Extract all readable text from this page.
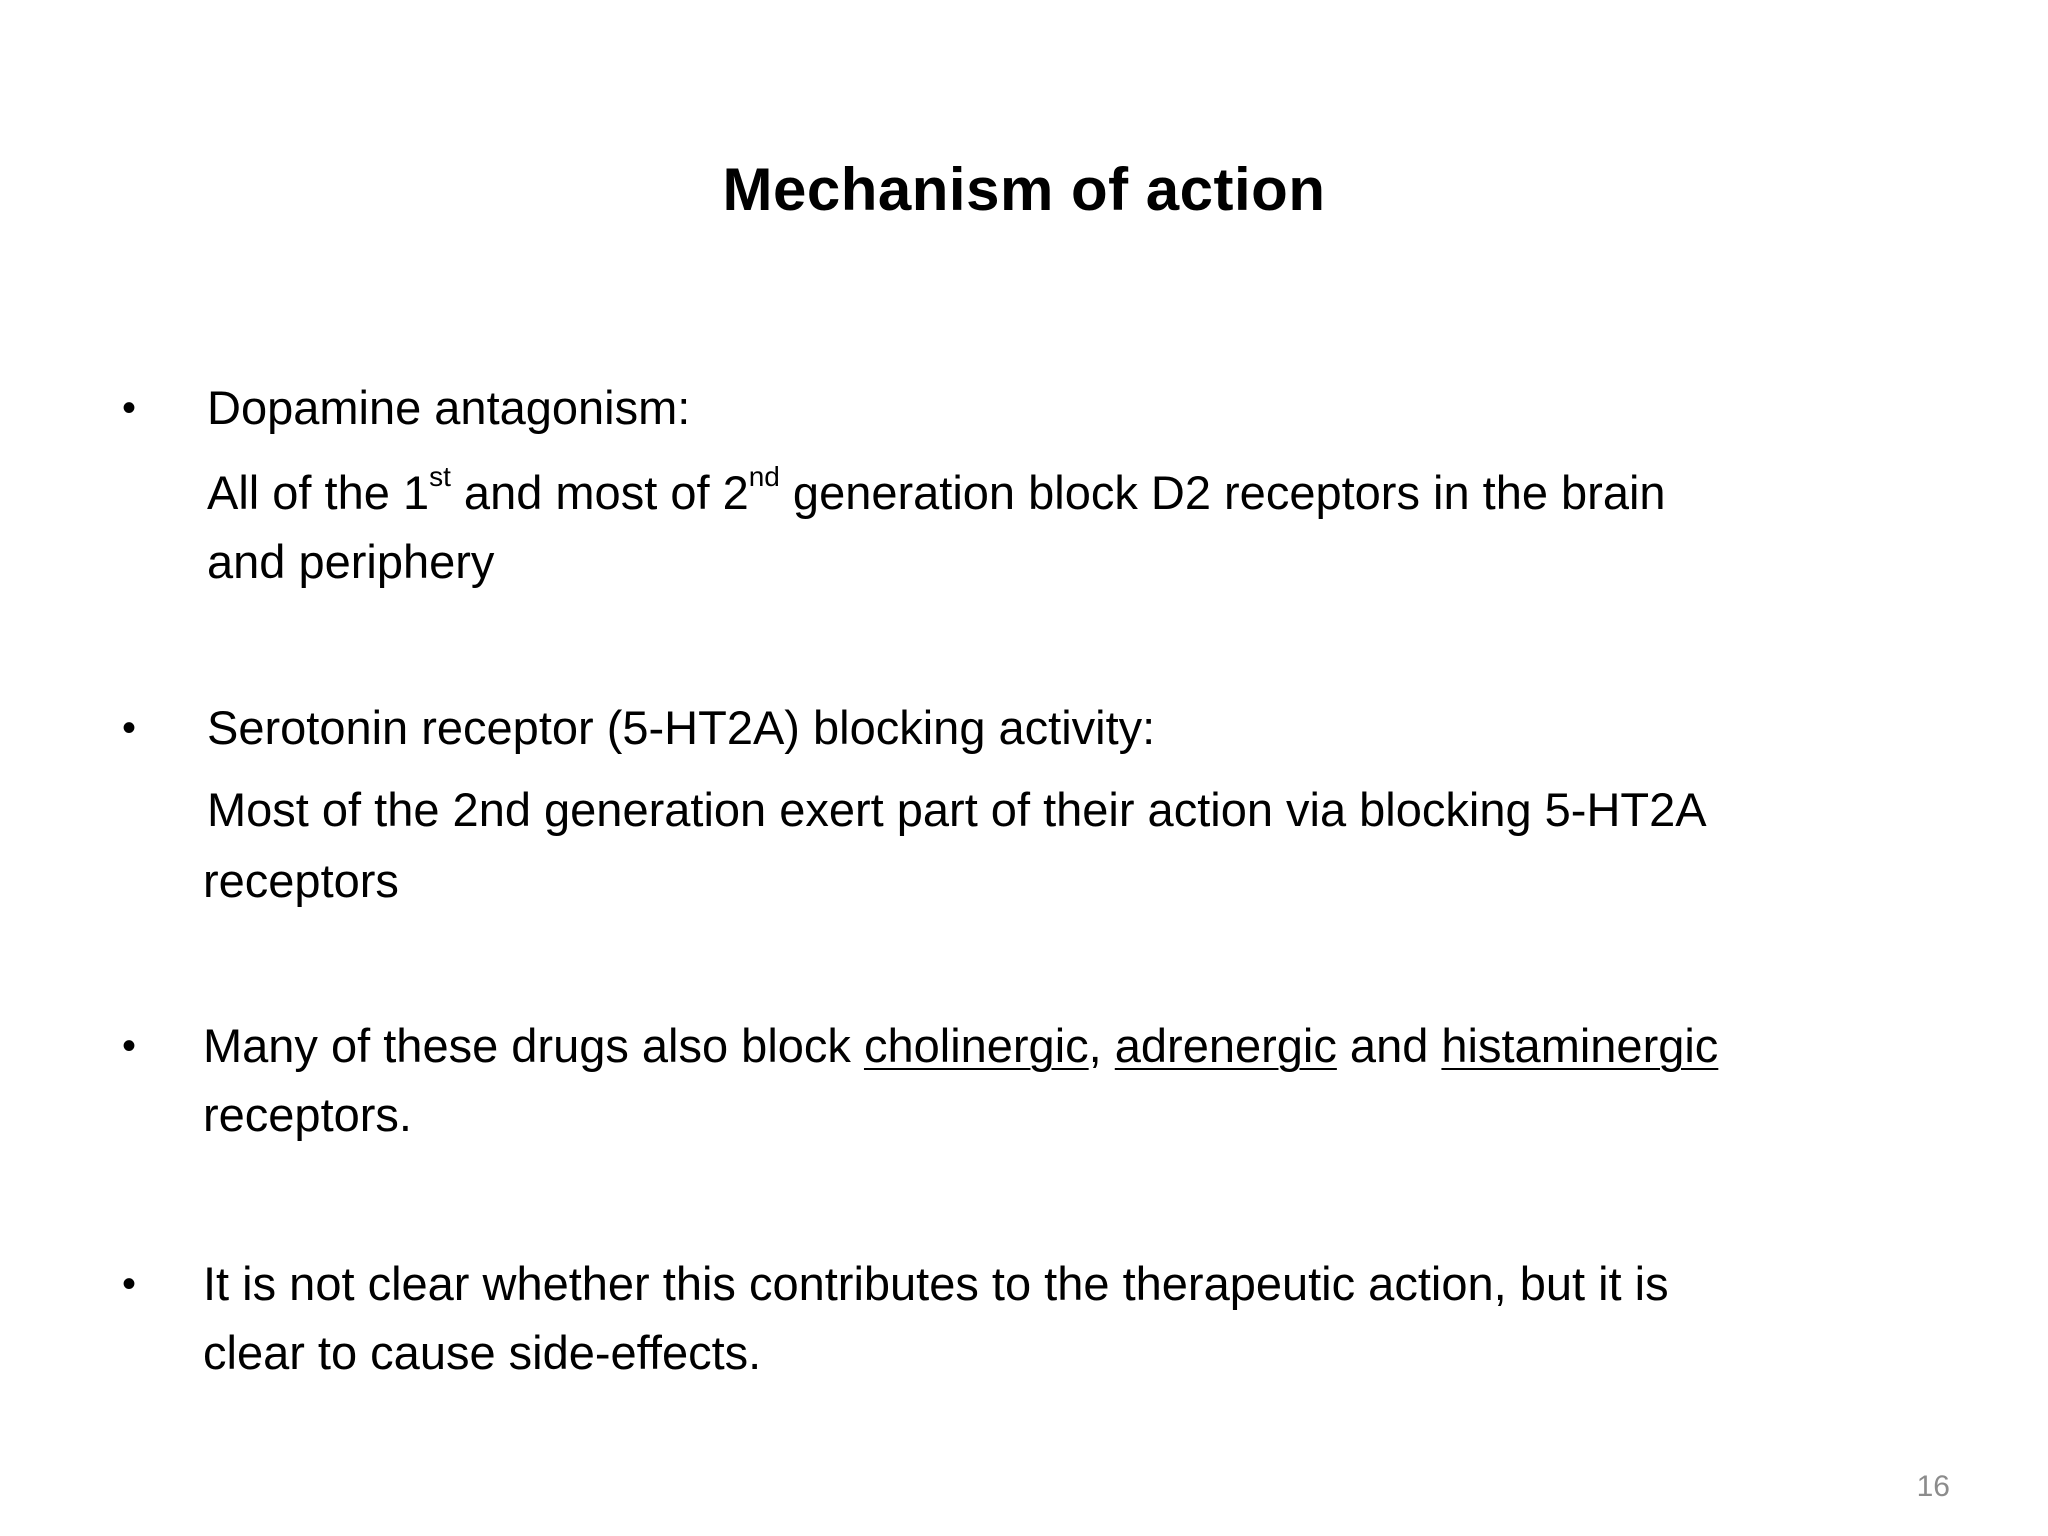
Mechanism of action
• Dopamine antagonism:
All of the 1st and most of 2nd generation block D2 receptors in the brain
and periphery
• Serotonin receptor (5-HT2A) blocking activity:
Most of the 2nd generation exert part of their action via blocking 5-HT2A
receptors
• Many of these drugs also block cholinergic, adrenergic and histaminergic
receptors.
• It is not clear whether this contributes to the therapeutic action, but it is
clear to cause side-effects.
16
